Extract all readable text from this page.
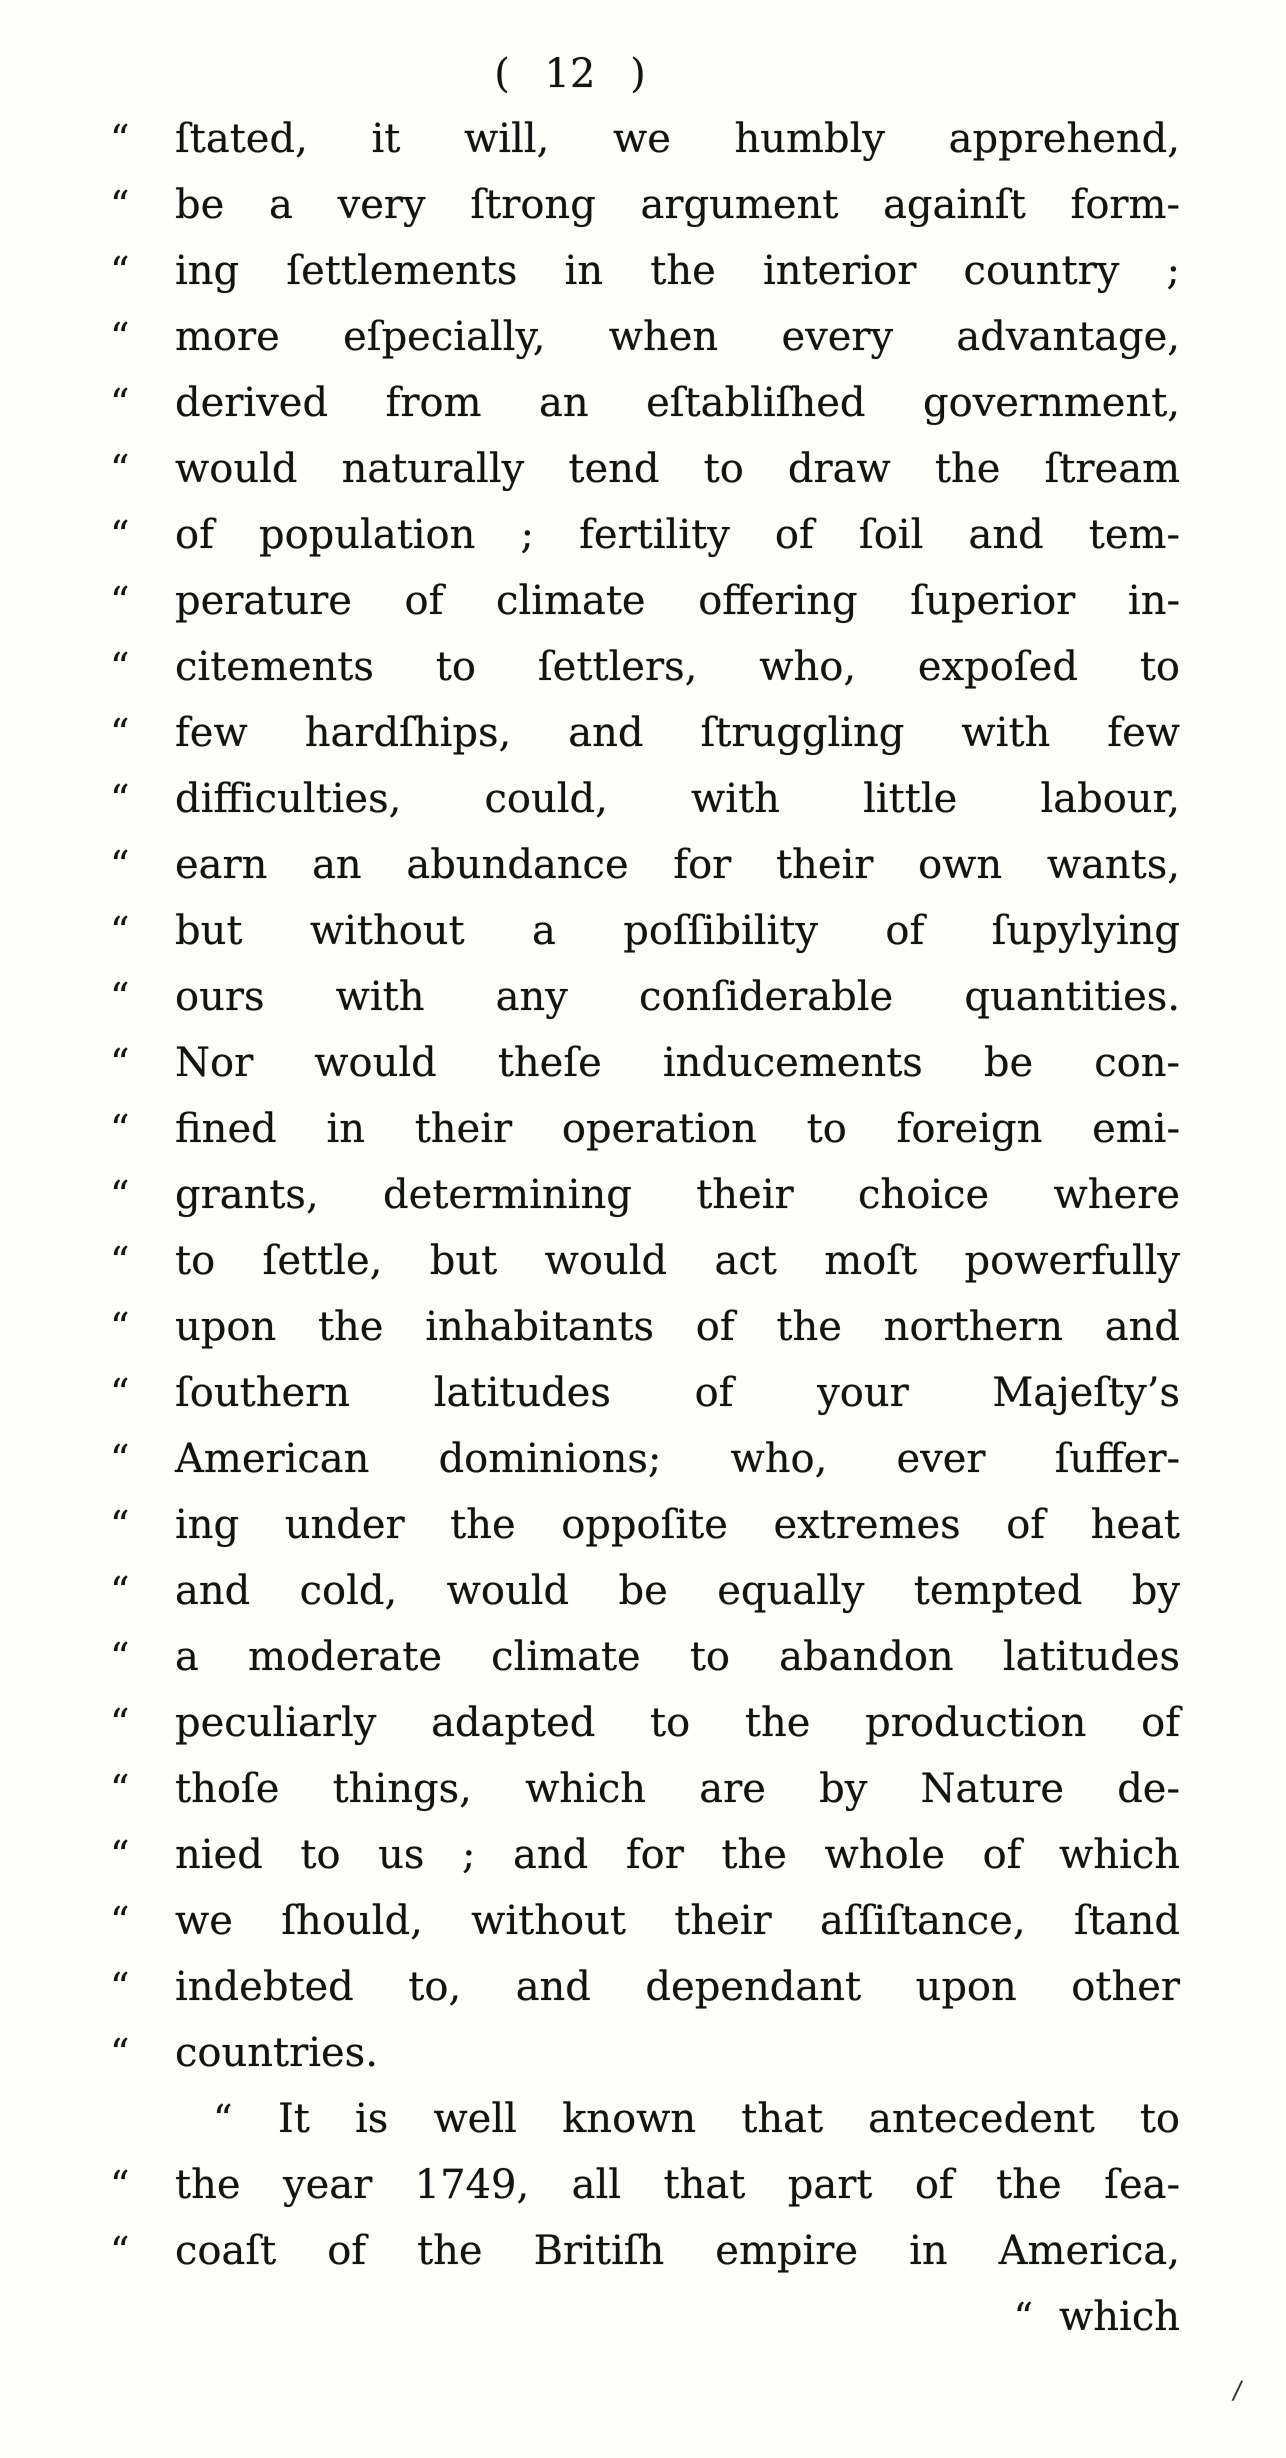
( 12 )
“	ſtated, it will, we humbly apprehend,
“	be a very ſtrong argument againſt form-
“	ing ſettlements in the interior country ;
“	more eſpecially, when every advantage,
“	derived from an eſtabliſhed government,
“	would naturally tend to draw the ſtream
“	of population ; fertility of ſoil and tem-
“	perature of climate offering ſuperior in-
“	citements to ſettlers, who, expoſed to
“	few hardſhips, and ſtruggling with few
“	difficulties, could, with little labour,
“	earn an abundance for their own wants,
“	but without a poſſibility of ſupylying
“	ours with any conſiderable quantities.
“	Nor would theſe inducements be con-
“	fined in their operation to foreign emi-
“	grants, determining their choice where
“	to ſettle, but would act moſt powerfully
“	upon the inhabitants of the northern and
“	ſouthern latitudes of your Majeſty’s
“	American dominions; who, ever ſuffer-
“	ing under the oppoſite extremes of heat
“	and cold, would be equally tempted by
“	a moderate climate to abandon latitudes
“	peculiarly adapted to the production of
“	thoſe things, which are by Nature de-
“	nied to us ; and for the whole of which
“	we ſhould, without their aſſiſtance, ſtand
“	indebted to, and dependant upon other
“	countries.
“	It is well known that antecedent to
“	the year 1749, all that part of the ſea-
“	coaſt of the Britiſh empire in America,
“ which
/
